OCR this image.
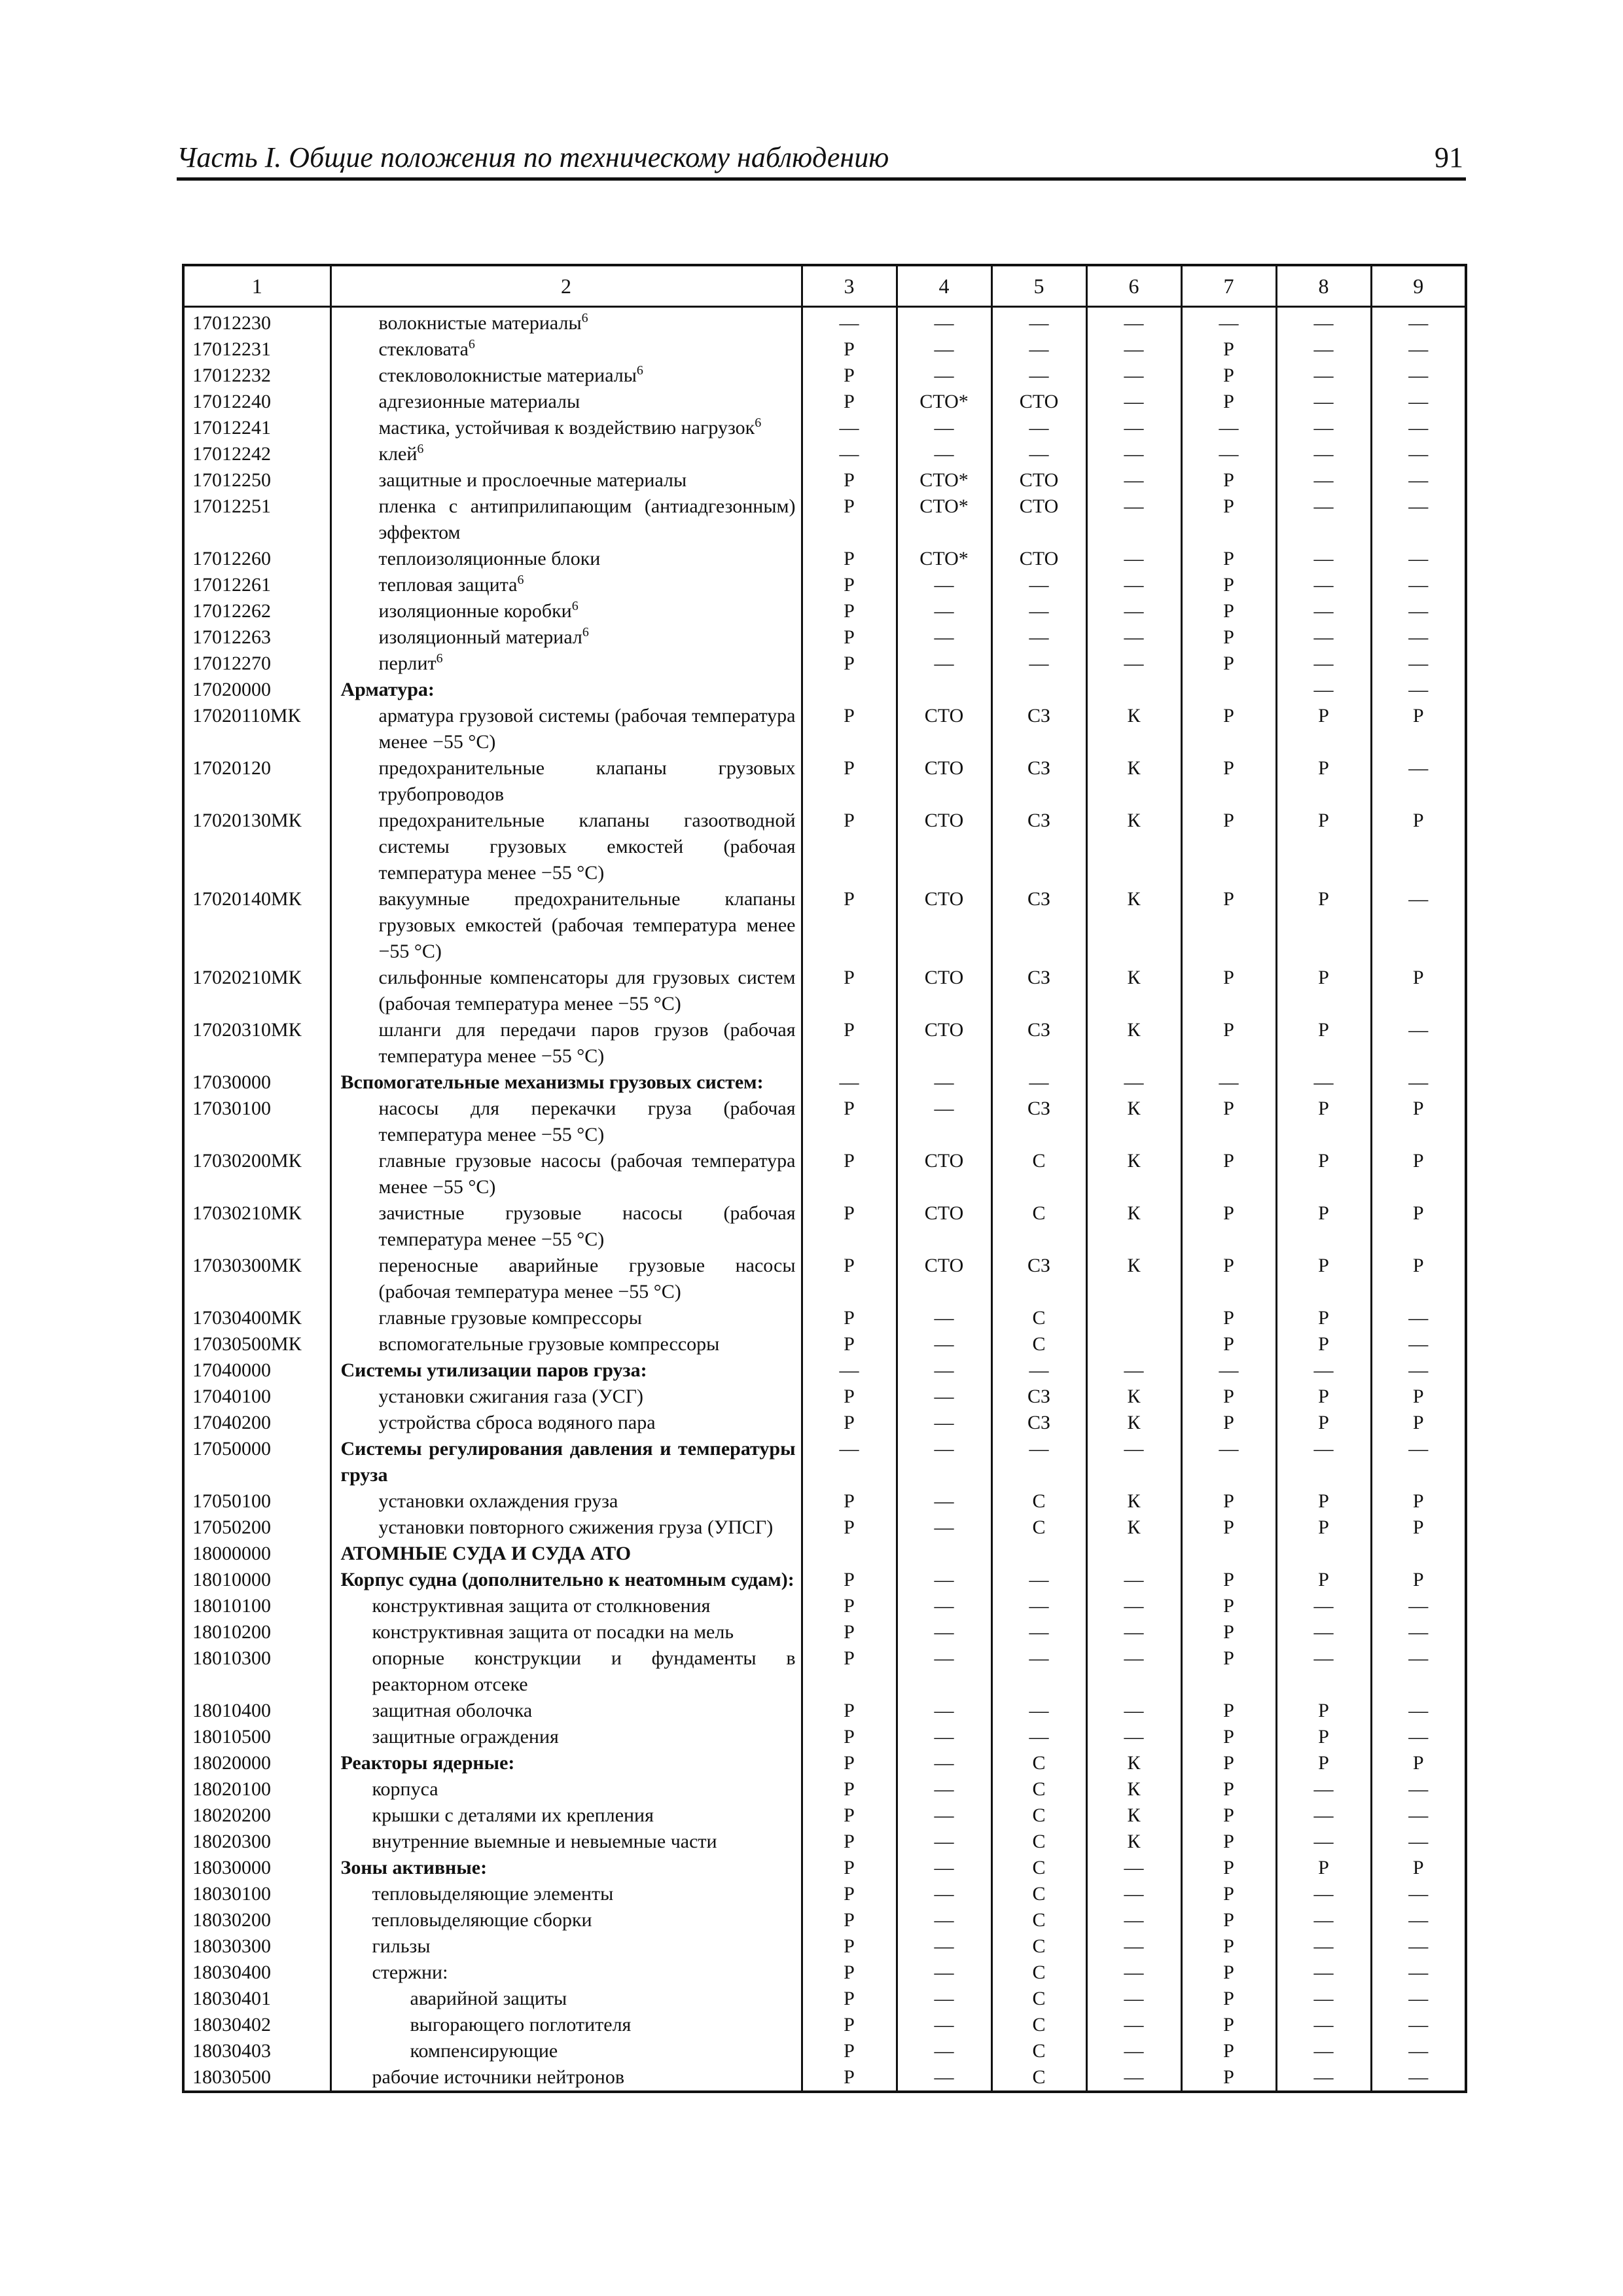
Часть I. Общие положения по техническому наблюдению	91
1	2	3	4	5	6	7	8	9
17012230	волокнистые материалы$^6$	—	—	—	—	—	—	—
17012231	стекловата$^6$	Р	—	—	—	Р	—	—
17012232	стекловолокнистые материалы$^6$	Р	—	—	—	Р	—	—
17012240	адгезионные материалы	Р	СТО*	СТО	—	Р	—	—
17012241	мастика, устойчивая к воздействию нагрузок$^6$	—	—	—	—	—	—	—
17012242	клей$^6$	—	—	—	—	—	—	—
17012250	защитные и прослоечные материалы	Р	СТО*	СТО	—	Р	—	—
17012251	пленка с антиприлипающим (антиадгезонным) эффектом	Р	СТО*	СТО	—	Р	—	—
17012260	теплоизоляционные блоки	Р	СТО*	СТО	—	Р	—	—
17012261	тепловая защита$^6$	Р	—	—	—	Р	—	—
17012262	изоляционные коробки$^6$	Р	—	—	—	Р	—	—
17012263	изоляционный материал$^6$	Р	—	—	—	Р	—	—
17012270	перлит$^6$	Р	—	—	—	Р	—	—
17020000	Арматура:						—	—
17020110МК	арматура грузовой системы (рабочая температура менее −55 °С)	Р	СТО	СЗ	К	Р	Р	Р
17020120	предохранительные клапаны грузовых трубопроводов	Р	СТО	СЗ	К	Р	Р	—
17020130МК	предохранительные клапаны газоотводной системы грузовых емкостей (рабочая температура менее −55 °С)	Р	СТО	СЗ	К	Р	Р	Р
17020140МК	вакуумные предохранительные клапаны грузовых емкостей (рабочая температура менее −55 °С)	Р	СТО	СЗ	К	Р	Р	—
17020210МК	сильфонные компенсаторы для грузовых систем (рабочая температура менее −55 °С)	Р	СТО	СЗ	К	Р	Р	Р
17020310МК	шланги для передачи паров грузов (рабочая температура менее −55 °С)	Р	СТО	СЗ	К	Р	Р	—
17030000	Вспомогательные механизмы грузовых систем:	—	—	—	—	—	—	—
17030100	насосы для перекачки груза (рабочая температура менее −55 °С)	Р	—	СЗ	К	Р	Р	Р
17030200МК	главные грузовые насосы (рабочая температура менее −55 °С)	Р	СТО	С	К	Р	Р	Р
17030210МК	зачистные грузовые насосы (рабочая температура менее −55 °С)	Р	СТО	С	К	Р	Р	Р
17030300МК	переносные аварийные грузовые насосы (рабочая температура менее −55 °С)	Р	СТО	СЗ	К	Р	Р	Р
17030400МК	главные грузовые компрессоры	Р	—	С		Р	Р	—
17030500МК	вспомогательные грузовые компрессоры	Р	—	С		Р	Р	—
17040000	Системы утилизации паров груза:	—	—	—	—	—	—	—
17040100	установки сжигания газа (УСГ)	Р	—	СЗ	К	Р	Р	Р
17040200	устройства сброса водяного пара	Р	—	СЗ	К	Р	Р	Р
17050000	Системы регулирования давления и температуры груза	—	—	—	—	—	—	—
17050100	установки охлаждения груза	Р	—	С	К	Р	Р	Р
17050200	установки повторного сжижения груза (УПСГ)	Р	—	С	К	Р	Р	Р
18000000	АТОМНЫЕ СУДА И СУДА АТО							
18010000	Корпус судна (дополнительно к неатомным судам):	Р	—	—	—	Р	Р	Р
18010100	конструктивная защита от столкновения	Р	—	—	—	Р	—	—
18010200	конструктивная защита от посадки на мель	Р	—	—	—	Р	—	—
18010300	опорные конструкции и фундаменты в реакторном отсеке	Р	—	—	—	Р	—	—
18010400	защитная оболочка	Р	—	—	—	Р	Р	—
18010500	защитные ограждения	Р	—	—	—	Р	Р	—
18020000	Реакторы ядерные:	Р	—	С	К	Р	Р	Р
18020100	корпуса	Р	—	С	К	Р	—	—
18020200	крышки с деталями их крепления	Р	—	С	К	Р	—	—
18020300	внутренние выемные и невыемные части	Р	—	С	К	Р	—	—
18030000	Зоны активные:	Р	—	С	—	Р	Р	Р
18030100	тепловыделяющие элементы	Р	—	С	—	Р	—	—
18030200	тепловыделяющие сборки	Р	—	С	—	Р	—	—
18030300	гильзы	Р	—	С	—	Р	—	—
18030400	стержни:	Р	—	С	—	Р	—	—
18030401	аварийной защиты	Р	—	С	—	Р	—	—
18030402	выгорающего поглотителя	Р	—	С	—	Р	—	—
18030403	компенсирующие	Р	—	С	—	Р	—	—
18030500	рабочие источники нейтронов	Р	—	С	—	Р	—	—
